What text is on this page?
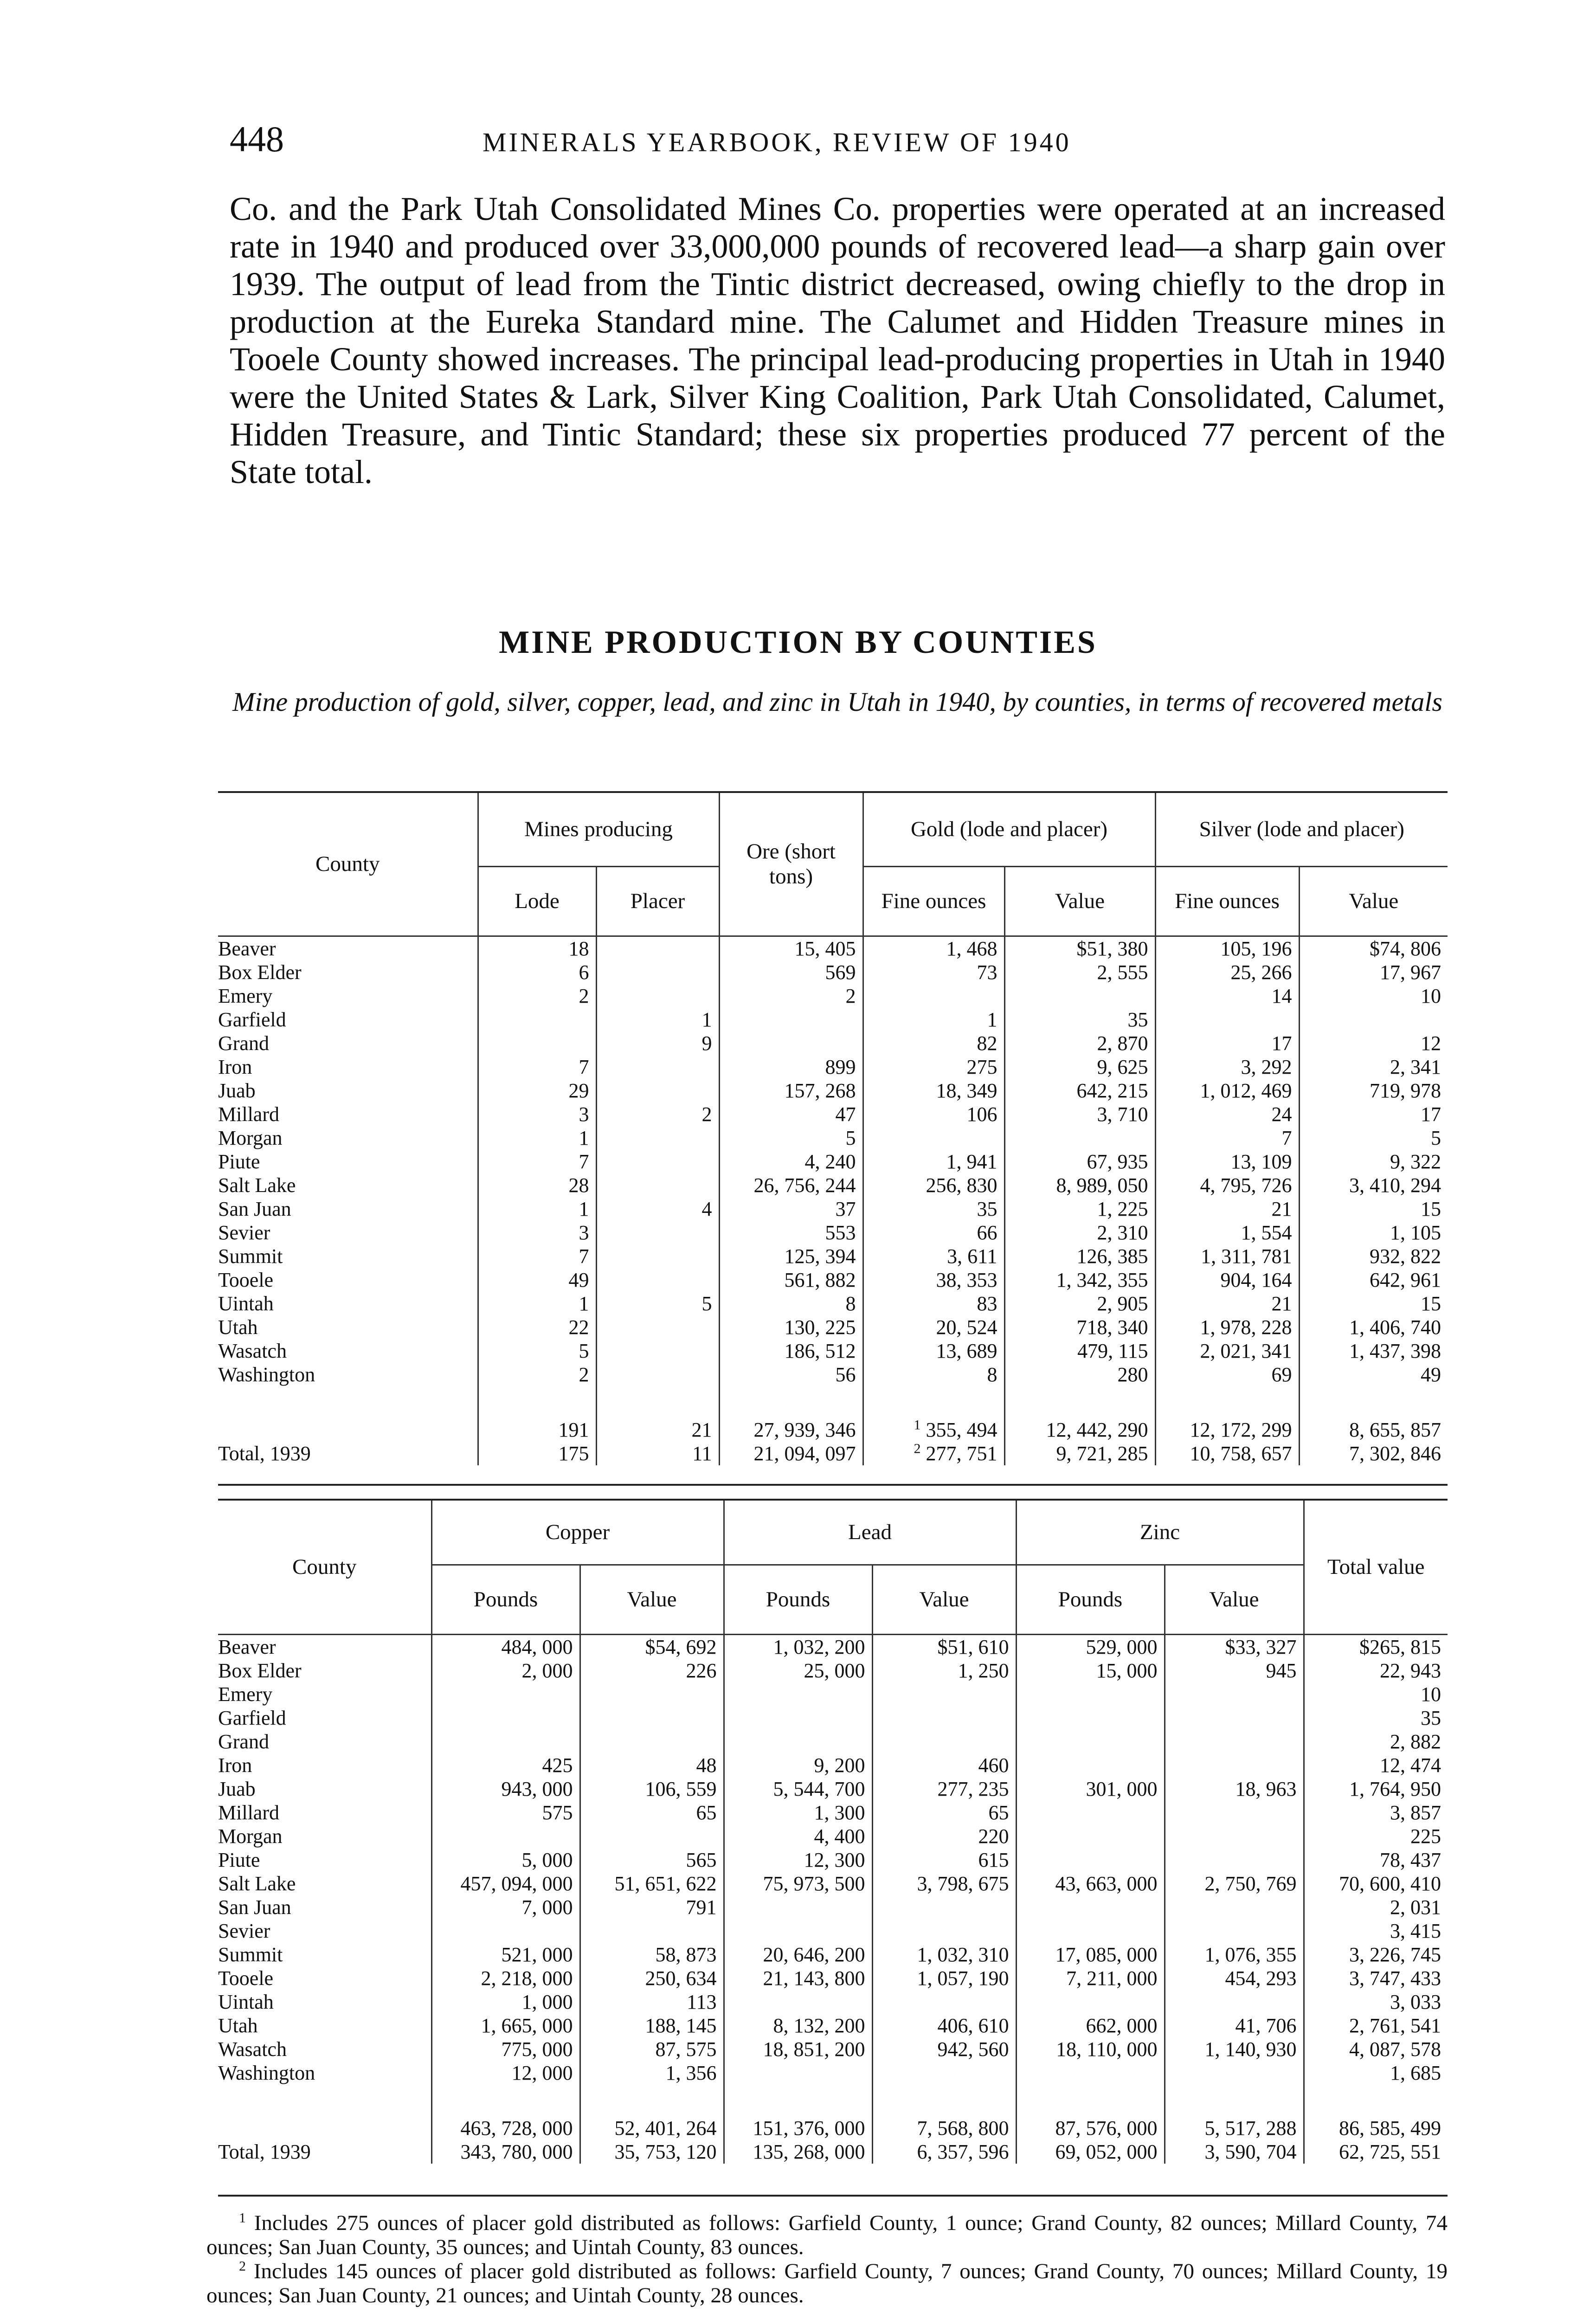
448	MINERALS YEARBOOK, REVIEW OF 1940
Co. and the Park Utah Consolidated Mines Co. properties were operated at an increased rate in 1940 and produced over 33,000,000 pounds of recovered lead—a sharp gain over 1939. The output of lead from the Tintic district decreased, owing chiefly to the drop in production at the Eureka Standard mine. The Calumet and Hidden Treasure mines in Tooele County showed increases. The principal lead-producing properties in Utah in 1940 were the United States & Lark, Silver King Coalition, Park Utah Consolidated, Calumet, Hidden Treasure, and Tintic Standard; these six properties produced 77 percent of the State total.
MINE PRODUCTION BY COUNTIES
Mine production of gold, silver, copper, lead, and zinc in Utah in 1940, by counties, in terms of recovered metals
County	Mines producing		Ore (short tons)	Gold (lode and placer)		Silver (lode and placer)	
	Lode	Placer		Fine ounces	Value	Fine ounces	Value
Beaver	18		15, 405	1, 468	$51, 380	105, 196	$74, 806
Box Elder	6		569	73	2, 555	25, 266	17, 967
Emery	2		2			14	10
Garfield		1		1	35		
Grand		9		82	2, 870	17	12
Iron	7		899	275	9, 625	3, 292	2, 341
Juab	29		157, 268	18, 349	642, 215	1, 012, 469	719, 978
Millard	3	2	47	106	3, 710	24	17
Morgan	1		5			7	5
Piute	7		4, 240	1, 941	67, 935	13, 109	9, 322
Salt Lake	28		26, 756, 244	256, 830	8, 989, 050	4, 795, 726	3, 410, 294
San Juan	1	4	37	35	1, 225	21	15
Sevier	3		553	66	2, 310	1, 554	1, 105
Summit	7		125, 394	3, 611	126, 385	1, 311, 781	932, 822
Tooele	49		561, 882	38, 353	1, 342, 355	904, 164	642, 961
Uintah	1	5	8	83	2, 905	21	15
Utah	22		130, 225	20, 524	718, 340	1, 978, 228	1, 406, 740
Wasatch	5		186, 512	13, 689	479, 115	2, 021, 341	1, 437, 398
Washington	2		56	8	280	69	49

	191	21	27, 939, 346	$^1$ 355, 494	12, 442, 290	12, 172, 299	8, 655, 857
Total, 1939	175	11	21, 094, 097	$^2$ 277, 751	9, 721, 285	10, 758, 657	7, 302, 846
County	Copper		Lead		Zinc		Total value
	Pounds	Value	Pounds	Value	Pounds	Value	
Beaver	484, 000	$54, 692	1, 032, 200	$51, 610	529, 000	$33, 327	$265, 815
Box Elder	2, 000	226	25, 000	1, 250	15, 000	945	22, 943
Emery							10
Garfield							35
Grand							2, 882
Iron	425	48	9, 200	460			12, 474
Juab	943, 000	106, 559	5, 544, 700	277, 235	301, 000	18, 963	1, 764, 950
Millard	575	65	1, 300	65			3, 857
Morgan			4, 400	220			225
Piute	5, 000	565	12, 300	615			78, 437
Salt Lake	457, 094, 000	51, 651, 622	75, 973, 500	3, 798, 675	43, 663, 000	2, 750, 769	70, 600, 410
San Juan	7, 000	791					2, 031
Sevier							3, 415
Summit	521, 000	58, 873	20, 646, 200	1, 032, 310	17, 085, 000	1, 076, 355	3, 226, 745
Tooele	2, 218, 000	250, 634	21, 143, 800	1, 057, 190	7, 211, 000	454, 293	3, 747, 433
Uintah	1, 000	113					3, 033
Utah	1, 665, 000	188, 145	8, 132, 200	406, 610	662, 000	41, 706	2, 761, 541
Wasatch	775, 000	87, 575	18, 851, 200	942, 560	18, 110, 000	1, 140, 930	4, 087, 578
Washington	12, 000	1, 356					1, 685

	463, 728, 000	52, 401, 264	151, 376, 000	7, 568, 800	87, 576, 000	5, 517, 288	86, 585, 499
Total, 1939	343, 780, 000	35, 753, 120	135, 268, 000	6, 357, 596	69, 052, 000	3, 590, 704	62, 725, 551

$^1$ Includes 275 ounces of placer gold distributed as follows: Garfield County, 1 ounce; Grand County, 82 ounces; Millard County, 74 ounces; San Juan County, 35 ounces; and Uintah County, 83 ounces.

$^2$ Includes 145 ounces of placer gold distributed as follows: Garfield County, 7 ounces; Grand County, 70 ounces; Millard County, 19 ounces; San Juan County, 21 ounces; and Uintah County, 28 ounces.
